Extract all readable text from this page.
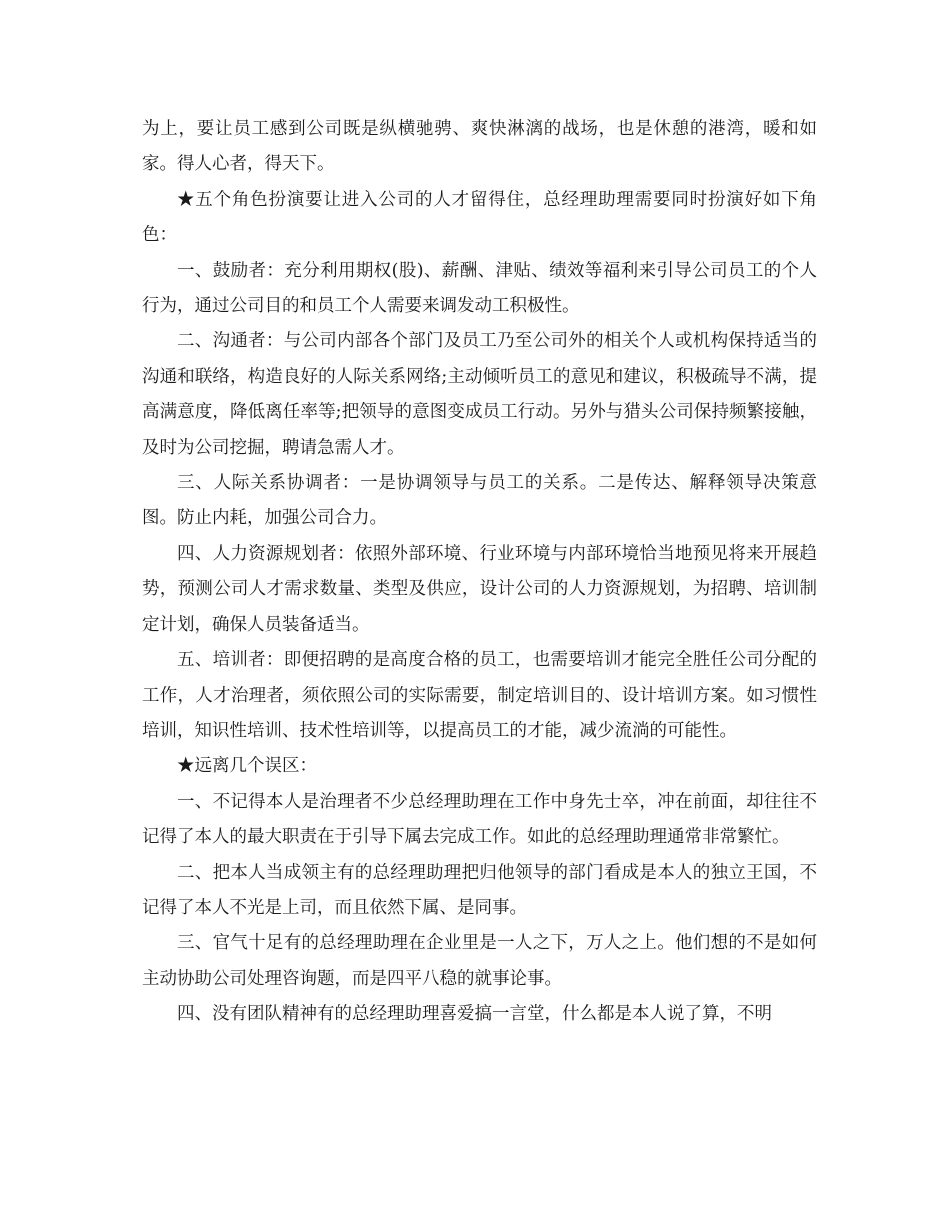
为上，要让员工感到公司既是纵横驰骋、爽快淋漓的战场，也是休憩的港湾，暖和如家。得人心者，得天下。

★五个角色扮演要让进入公司的人才留得住，总经理助理需要同时扮演好如下角色：

一、鼓励者：充分利用期权(股)、薪酬、津贴、绩效等福利来引导公司员工的个人行为，通过公司目的和员工个人需要来调发动工积极性。

二、沟通者：与公司内部各个部门及员工乃至公司外的相关个人或机构保持适当的沟通和联络，构造良好的人际关系网络;主动倾听员工的意见和建议，积极疏导不满，提高满意度，降低离任率等;把领导的意图变成员工行动。另外与猎头公司保持频繁接触，及时为公司挖掘，聘请急需人才。

三、人际关系协调者：一是协调领导与员工的关系。二是传达、解释领导决策意图。防止内耗，加强公司合力。

四、人力资源规划者：依照外部环境、行业环境与内部环境恰当地预见将来开展趋势，预测公司人才需求数量、类型及供应，设计公司的人力资源规划，为招聘、培训制定计划，确保人员装备适当。

五、培训者：即便招聘的是高度合格的员工，也需要培训才能完全胜任公司分配的工作，人才治理者，须依照公司的实际需要，制定培训目的、设计培训方案。如习惯性培训，知识性培训、技术性培训等，以提高员工的才能，减少流淌的可能性。

★远离几个误区：

一、不记得本人是治理者不少总经理助理在工作中身先士卒，冲在前面，却往往不记得了本人的最大职责在于引导下属去完成工作。如此的总经理助理通常非常繁忙。

二、把本人当成领主有的总经理助理把归他领导的部门看成是本人的独立王国，不记得了本人不光是上司，而且依然下属、是同事。

三、官气十足有的总经理助理在企业里是一人之下，万人之上。他们想的不是如何主动协助公司处理咨询题，而是四平八稳的就事论事。

四、没有团队精神有的总经理助理喜爱搞一言堂，什么都是本人说了算，不明
